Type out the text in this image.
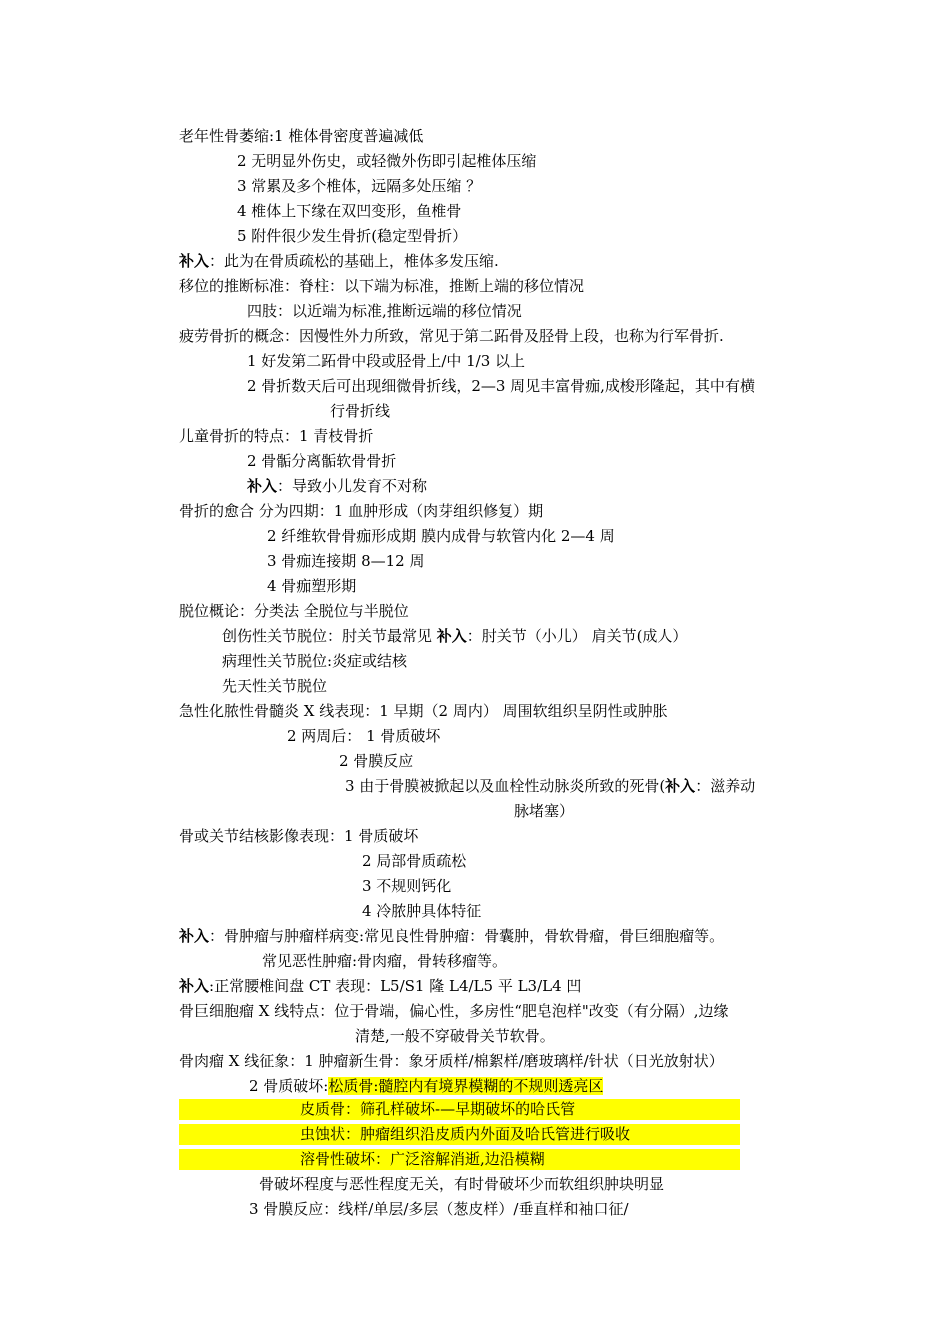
老年性骨萎缩:1 椎体骨密度普遍减低
2 无明显外伤史，或轻微外伤即引起椎体压缩
3 常累及多个椎体，远隔多处压缩 ？
4 椎体上下缘在双凹变形，鱼椎骨
5 附件很少发生骨折(稳定型骨折）
补入：此为在骨质疏松的基础上，椎体多发压缩.
移位的推断标准：脊柱：以下端为标准，推断上端的移位情况
四肢：以近端为标准,推断远端的移位情况
疲劳骨折的概念：因慢性外力所致，常见于第二跖骨及胫骨上段，也称为行军骨折.
1 好发第二跖骨中段或胫骨上/中 1/3 以上
2 骨折数天后可出现细微骨折线，2—3 周见丰富骨痂,成梭形隆起，其中有横
行骨折线
儿童骨折的特点：1 青枝骨折
2 骨骺分离骺软骨骨折
补入：导致小儿发育不对称
骨折的愈合 分为四期：1 血肿形成（肉芽组织修复）期
2 纤维软骨骨痂形成期 膜内成骨与软管内化 2—4 周
3 骨痂连接期 8—12 周
4 骨痂塑形期
脱位概论：分类法 全脱位与半脱位
创伤性关节脱位：肘关节最常见 补入：肘关节（小儿） 肩关节(成人）
病理性关节脱位:炎症或结核
先天性关节脱位
急性化脓性骨髓炎 X 线表现：1 早期（2 周内） 周围软组织呈阴性或肿胀
2 两周后： 1 骨质破坏
2 骨膜反应
3 由于骨膜被掀起以及血栓性动脉炎所致的死骨(补入：滋养动
脉堵塞）
骨或关节结核影像表现：1 骨质破坏
2 局部骨质疏松
3 不规则钙化
4 冷脓肿具体特征
补入：骨肿瘤与肿瘤样病变:常见良性骨肿瘤：骨囊肿，骨软骨瘤，骨巨细胞瘤等。
常见恶性肿瘤:骨肉瘤，骨转移瘤等。
补入:正常腰椎间盘 CT 表现：L5/S1 隆 L4/L5 平 L3/L4 凹
骨巨细胞瘤 X 线特点：位于骨端，偏心性，多房性“肥皂泡样"改变（有分隔）,边缘
清楚,一般不穿破骨关节软骨。
骨肉瘤 X 线征象：1 肿瘤新生骨：象牙质样/棉絮样/磨玻璃样/针状（日光放射状）
2 骨质破坏:松质骨:髓腔内有境界模糊的不规则透亮区
皮质骨：筛孔样破坏-—早期破坏的哈氏管
虫蚀状：肿瘤组织沿皮质内外面及哈氏管进行吸收
溶骨性破坏：广泛溶解消逝,边沿模糊
骨破坏程度与恶性程度无关，有时骨破坏少而软组织肿块明显
3 骨膜反应：线样/单层/多层（葱皮样）/垂直样和袖口征/
